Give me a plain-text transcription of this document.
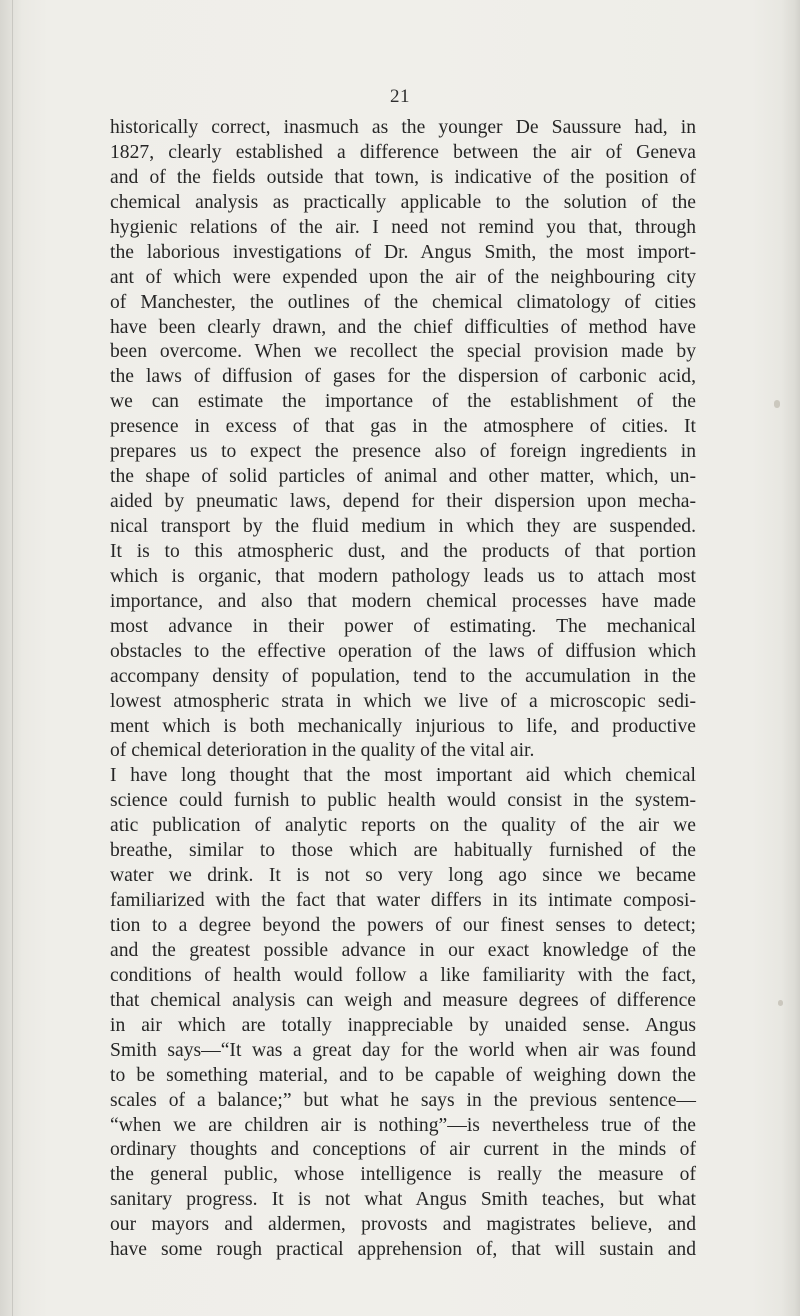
21
historically correct, inasmuch as the younger De Saussure had, in
1827, clearly established a difference between the air of Geneva
and of the fields outside that town, is indicative of the position of
chemical analysis as practically applicable to the solution of the
hygienic relations of the air. I need not remind you that, through
the laborious investigations of Dr. Angus Smith, the most import-
ant of which were expended upon the air of the neighbouring city
of Manchester, the outlines of the chemical climatology of cities
have been clearly drawn, and the chief difficulties of method have
been overcome. When we recollect the special provision made by
the laws of diffusion of gases for the dispersion of carbonic acid,
we can estimate the importance of the establishment of the
presence in excess of that gas in the atmosphere of cities. It
prepares us to expect the presence also of foreign ingredients in
the shape of solid particles of animal and other matter, which, un-
aided by pneumatic laws, depend for their dispersion upon mecha-
nical transport by the fluid medium in which they are suspended.
It is to this atmospheric dust, and the products of that portion
which is organic, that modern pathology leads us to attach most
importance, and also that modern chemical processes have made
most advance in their power of estimating. The mechanical
obstacles to the effective operation of the laws of diffusion which
accompany density of population, tend to the accumulation in the
lowest atmospheric strata in which we live of a microscopic sedi-
ment which is both mechanically injurious to life, and productive
of chemical deterioration in the quality of the vital air.
I have long thought that the most important aid which chemical
science could furnish to public health would consist in the system-
atic publication of analytic reports on the quality of the air we
breathe, similar to those which are habitually furnished of the
water we drink. It is not so very long ago since we became
familiarized with the fact that water differs in its intimate composi-
tion to a degree beyond the powers of our finest senses to detect;
and the greatest possible advance in our exact knowledge of the
conditions of health would follow a like familiarity with the fact,
that chemical analysis can weigh and measure degrees of difference
in air which are totally inappreciable by unaided sense. Angus
Smith says—“It was a great day for the world when air was found
to be something material, and to be capable of weighing down the
scales of a balance;” but what he says in the previous sentence—
“when we are children air is nothing”—is nevertheless true of the
ordinary thoughts and conceptions of air current in the minds of
the general public, whose intelligence is really the measure of
sanitary progress. It is not what Angus Smith teaches, but what
our mayors and aldermen, provosts and magistrates believe, and
have some rough practical apprehension of, that will sustain and
